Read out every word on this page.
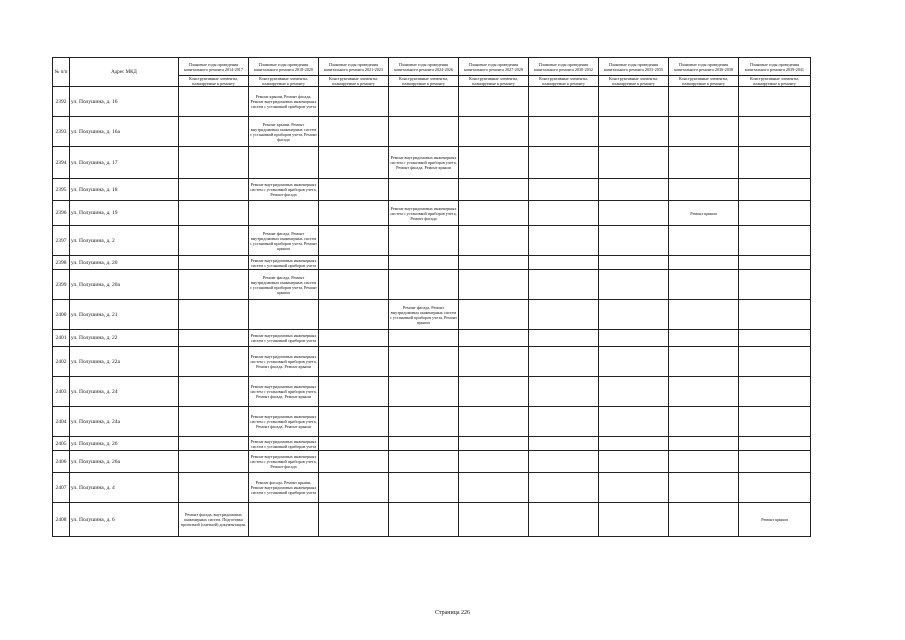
№ п/п	Адрес МКД	Плановые годы проведения капитального ремонта 2014-2017	Плановые годы проведения капитального ремонта 2018-2020	Плановые годы проведения капитального ремонта 2021-2023	Плановые годы проведения капитального ремонта 2024-2026	Плановые годы проведения капитального ремонта 2027-2029	Плановые годы проведения капитального ремонта 2030-2032	Плановые годы проведения капитального ремонта 2033-2035	Плановые годы проведения капитального ремонта 2036-2038	Плановые годы проведения капитального ремонта 2039-2041
		Конструктивные элементы, планируемые к ремонту	Конструктивные элементы, планируемые к ремонту	Конструктивные элементы, планируемые к ремонту	Конструктивные элементы, планируемые к ремонту	Конструктивные элементы, планируемые к ремонту	Конструктивные элементы, планируемые к ремонту	Конструктивные элементы, планируемые к ремонту	Конструктивные элементы, планируемые к ремонту	Конструктивные элементы, планируемые к ремонту
2392	ул. Полушина, д. 16		Ремонт крыши, Ремонт фасада, Ремонт внутридомовых инженерных систем с установкой приборов учета							
2393	ул. Полушина, д. 16а		Ремонт крыши, Ремонт внутридомовых инженерных систем с установкой приборов учета, Ремонт фасада							
2394	ул. Полушина, д. 17				Ремонт внутридомовых инженерных систем с установкой приборов учета, Ремонт фасада, Ремонт крыши					
2395	ул. Полушина, д. 18		Ремонт внутридомовых инженерных систем с установкой приборов учета, Ремонт фасада							
2396	ул. Полушина, д. 19				Ремонт внутридомовых инженерных систем с установкой приборов учета, Ремонт фасада				Ремонт крыши	
2397	ул. Полушина, д. 2		Ремонт фасада, Ремонт внутридомовых инженерных систем с установкой приборов учета, Ремонт крыши							
2398	ул. Полушина, д. 20		Ремонт внутридомовых инженерных систем с установкой приборов учета							
2399	ул. Полушина, д. 20а		Ремонт фасада, Ремонт внутридомовых инженерных систем с установкой приборов учета, Ремонт крыши							
2400	ул. Полушина, д. 21				Ремонт фасада, Ремонт внутридомовых инженерных систем с установкой приборов учета, Ремонт крыши					
2401	ул. Полушина, д. 22		Ремонт внутридомовых инженерных систем с установкой приборов учета							
2402	ул. Полушина, д. 22а		Ремонт внутридомовых инженерных систем с установкой приборов учета, Ремонт фасада, Ремонт крыши							
2403	ул. Полушина, д. 24		Ремонт внутридомовых инженерных систем с установкой приборов учета, Ремонт фасада, Ремонт крыши							
2404	ул. Полушина, д. 24а		Ремонт внутридомовых инженерных систем с установкой приборов учета, Ремонт фасада, Ремонт крыши							
2405	ул. Полушина, д. 26		Ремонт внутридомовых инженерных систем с установкой приборов учета							
2406	ул. Полушина, д. 26а		Ремонт внутридомовых инженерных систем с установкой приборов учета, Ремонт фасада							
2407	ул. Полушина, д. 4		Ремонт фасада, Ремонт крыши, Ремонт внутридомовых инженерных систем с установкой приборов учета							
2408	ул. Полушина, д. 6	Ремонт фасада, внутридомовых инженерных систем. Подготовка проектной (сметной) документации.								Ремонт крыши
Страница 226
